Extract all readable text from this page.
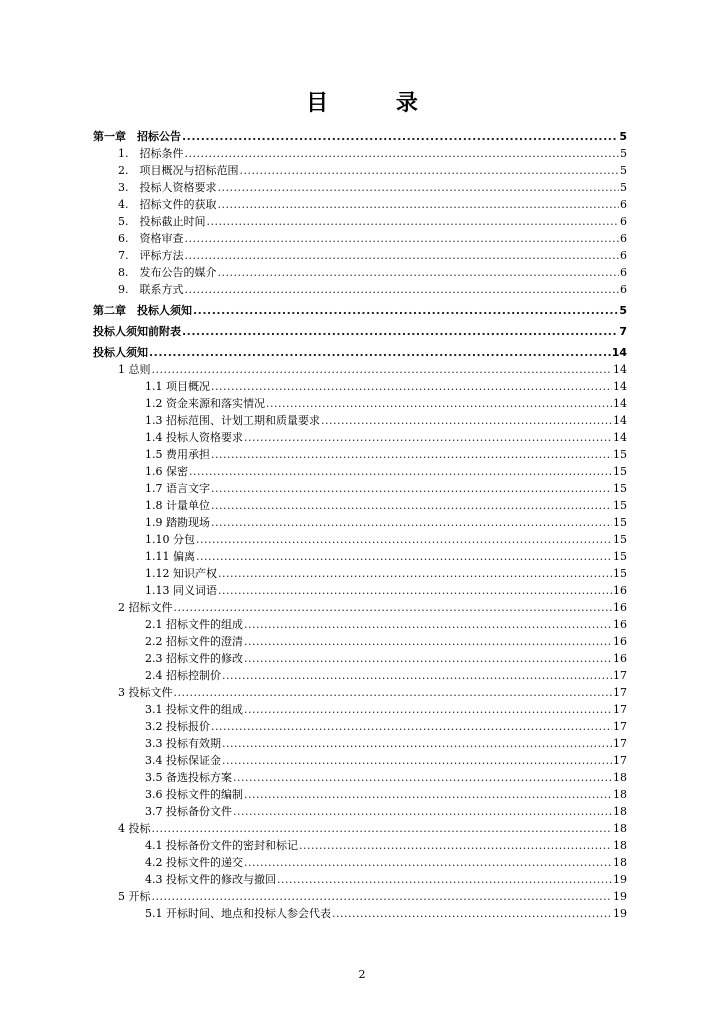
目 录
第一章　招标公告 .....	5
1.　招标条件 .....	5
2.　项目概况与招标范围 .....	5
3.　投标人资格要求 .....	5
4.　招标文件的获取 .....	6
5.　投标截止时间 .....	6
6.　资格审查 .....	6
7.　评标方法 .....	6
8.　发布公告的媒介 .....	6
9.　联系方式 .....	6
第二章　投标人须知 .....	5
投标人须知前附表 .....	7
投标人须知 .....	14
1 总则 .....	14
1.1 项目概况 .....	14
1.2 资金来源和落实情况 .....	14
1.3 招标范围、计划工期和质量要求 .....	14
1.4 投标人资格要求 .....	14
1.5 费用承担 .....	15
1.6 保密 .....	15
1.7 语言文字 .....	15
1.8 计量单位 .....	15
1.9 踏勘现场 .....	15
1.10 分包 .....	15
1.11 偏离 .....	15
1.12 知识产权 .....	15
1.13 同义词语 .....	16
2 招标文件 .....	16
2.1 招标文件的组成 .....	16
2.2 招标文件的澄清 .....	16
2.3 招标文件的修改 .....	16
2.4 招标控制价 .....	17
3 投标文件 .....	17
3.1 投标文件的组成 .....	17
3.2 投标报价 .....	17
3.3 投标有效期 .....	17
3.4 投标保证金 .....	17
3.5 备选投标方案 .....	18
3.6 投标文件的编制 .....	18
3.7 投标备份文件 .....	18
4 投标 .....	18
4.1 投标备份文件的密封和标记 .....	18
4.2 投标文件的递交 .....	18
4.3 投标文件的修改与撤回 .....	19
5 开标 .....	19
5.1 开标时间、地点和投标人参会代表 .....	19
2
